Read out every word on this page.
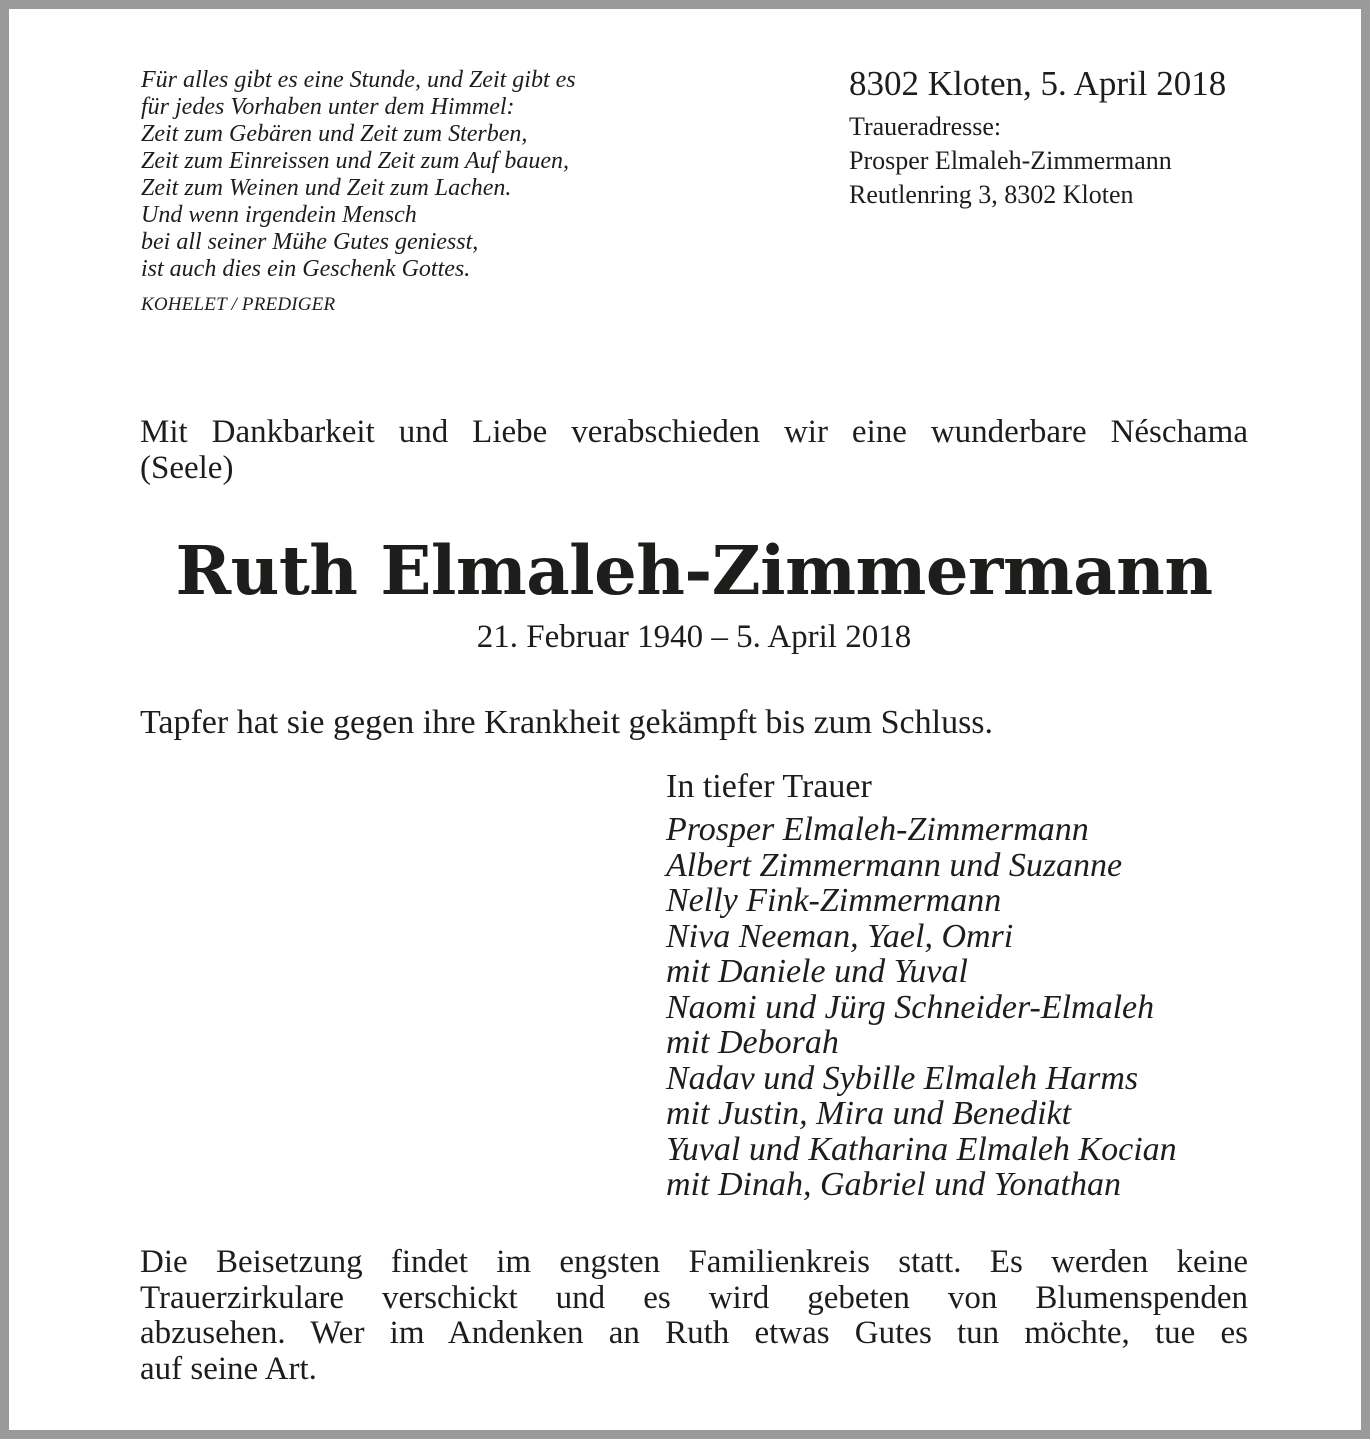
Für alles gibt es eine Stunde, und Zeit gibt es
für jedes Vorhaben unter dem Himmel:
Zeit zum Gebären und Zeit zum Sterben,
Zeit zum Einreissen und Zeit zum Auf bauen,
Zeit zum Weinen und Zeit zum Lachen.
Und wenn irgendein Mensch
bei all seiner Mühe Gutes geniesst,
ist auch dies ein Geschenk Gottes.
KOHELET / PREDIGER
8302 Kloten, 5. April 2018
Traueradresse:
Prosper Elmaleh-Zimmermann
Reutlenring 3, 8302 Kloten

Mit Dankbarkeit und Liebe verabschieden wir eine wunderbare Néschama (Seele)

Ruth Elmaleh-Zimmermann
21. Februar 1940 – 5. April 2018

Tapfer hat sie gegen ihre Krankheit gekämpft bis zum Schluss.

In tiefer Trauer
Prosper Elmaleh-Zimmermann
Albert Zimmermann und Suzanne
Nelly Fink-Zimmermann
Niva Neeman, Yael, Omri
mit Daniele und Yuval
Naomi und Jürg Schneider-Elmaleh
mit Deborah
Nadav und Sybille Elmaleh Harms
mit Justin, Mira und Benedikt
Yuval und Katharina Elmaleh Kocian
mit Dinah, Gabriel und Yonathan
Die Beisetzung findet im engsten Familienkreis statt. Es werden keine
Trauerzirkulare verschickt und es wird gebeten von Blumenspenden
abzusehen. Wer im Andenken an Ruth etwas Gutes tun möchte, tue es
auf seine Art.
